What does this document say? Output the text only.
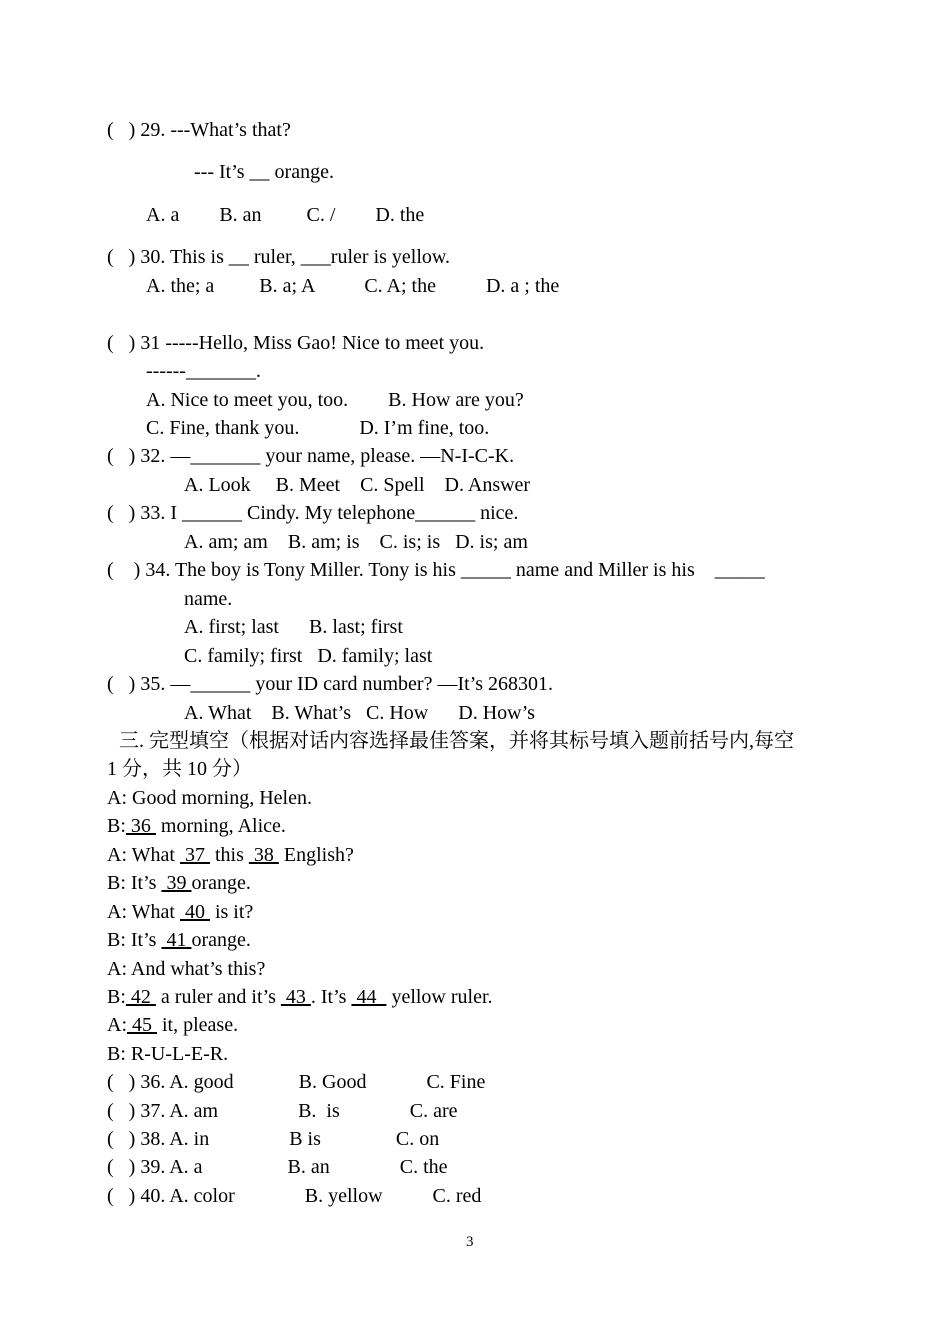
(   ) 29. ---What’s that?
--- It’s __ orange.
A. a        B. an         C. /        D. the
(   ) 30. This is __ ruler, ___ruler is yellow.
A. the; a         B. a; A          C. A; the          D. a ; the
(   ) 31 -----Hello, Miss Gao! Nice to meet you.
------_______.
A. Nice to meet you, too.        B. How are you?
C. Fine, thank you.            D. I’m fine, too.
(   ) 32. —_______ your name, please. —N-I-C-K.
A. Look     B. Meet    C. Spell    D. Answer
(   ) 33. I ______ Cindy. My telephone______ nice.
A. am; am    B. am; is    C. is; is   D. is; am
(    ) 34. The boy is Tony Miller. Tony is his _____ name and Miller is his    _____
name.
A. first; last      B. last; first
C. family; first   D. family; last
(   ) 35. —______ your ID card number? —It’s 268301.
A. What    B. What’s   C. How      D. How’s
三. 完型填空（根据对话内容选择最佳答案，并将其标号填入题前括号内,每空
1 分，共 10 分）
A: Good morning, Helen.
B: 36  morning, Alice.
A: What  37  this  38  English?
B: It’s  39 orange.
A: What  40  is it?
B: It’s  41 orange.
A: And what’s this?
B: 42  a ruler and it’s  43 . It’s  44   yellow ruler.
A: 45  it, please.
B: R-U-L-E-R.
(   ) 36. A. good             B. Good            C. Fine
(   ) 37. A. am                B.  is              C. are
(   ) 38. A. in                B is               C. on
(   ) 39. A. a                 B. an              C. the
(   ) 40. A. color              B. yellow          C. red
3
